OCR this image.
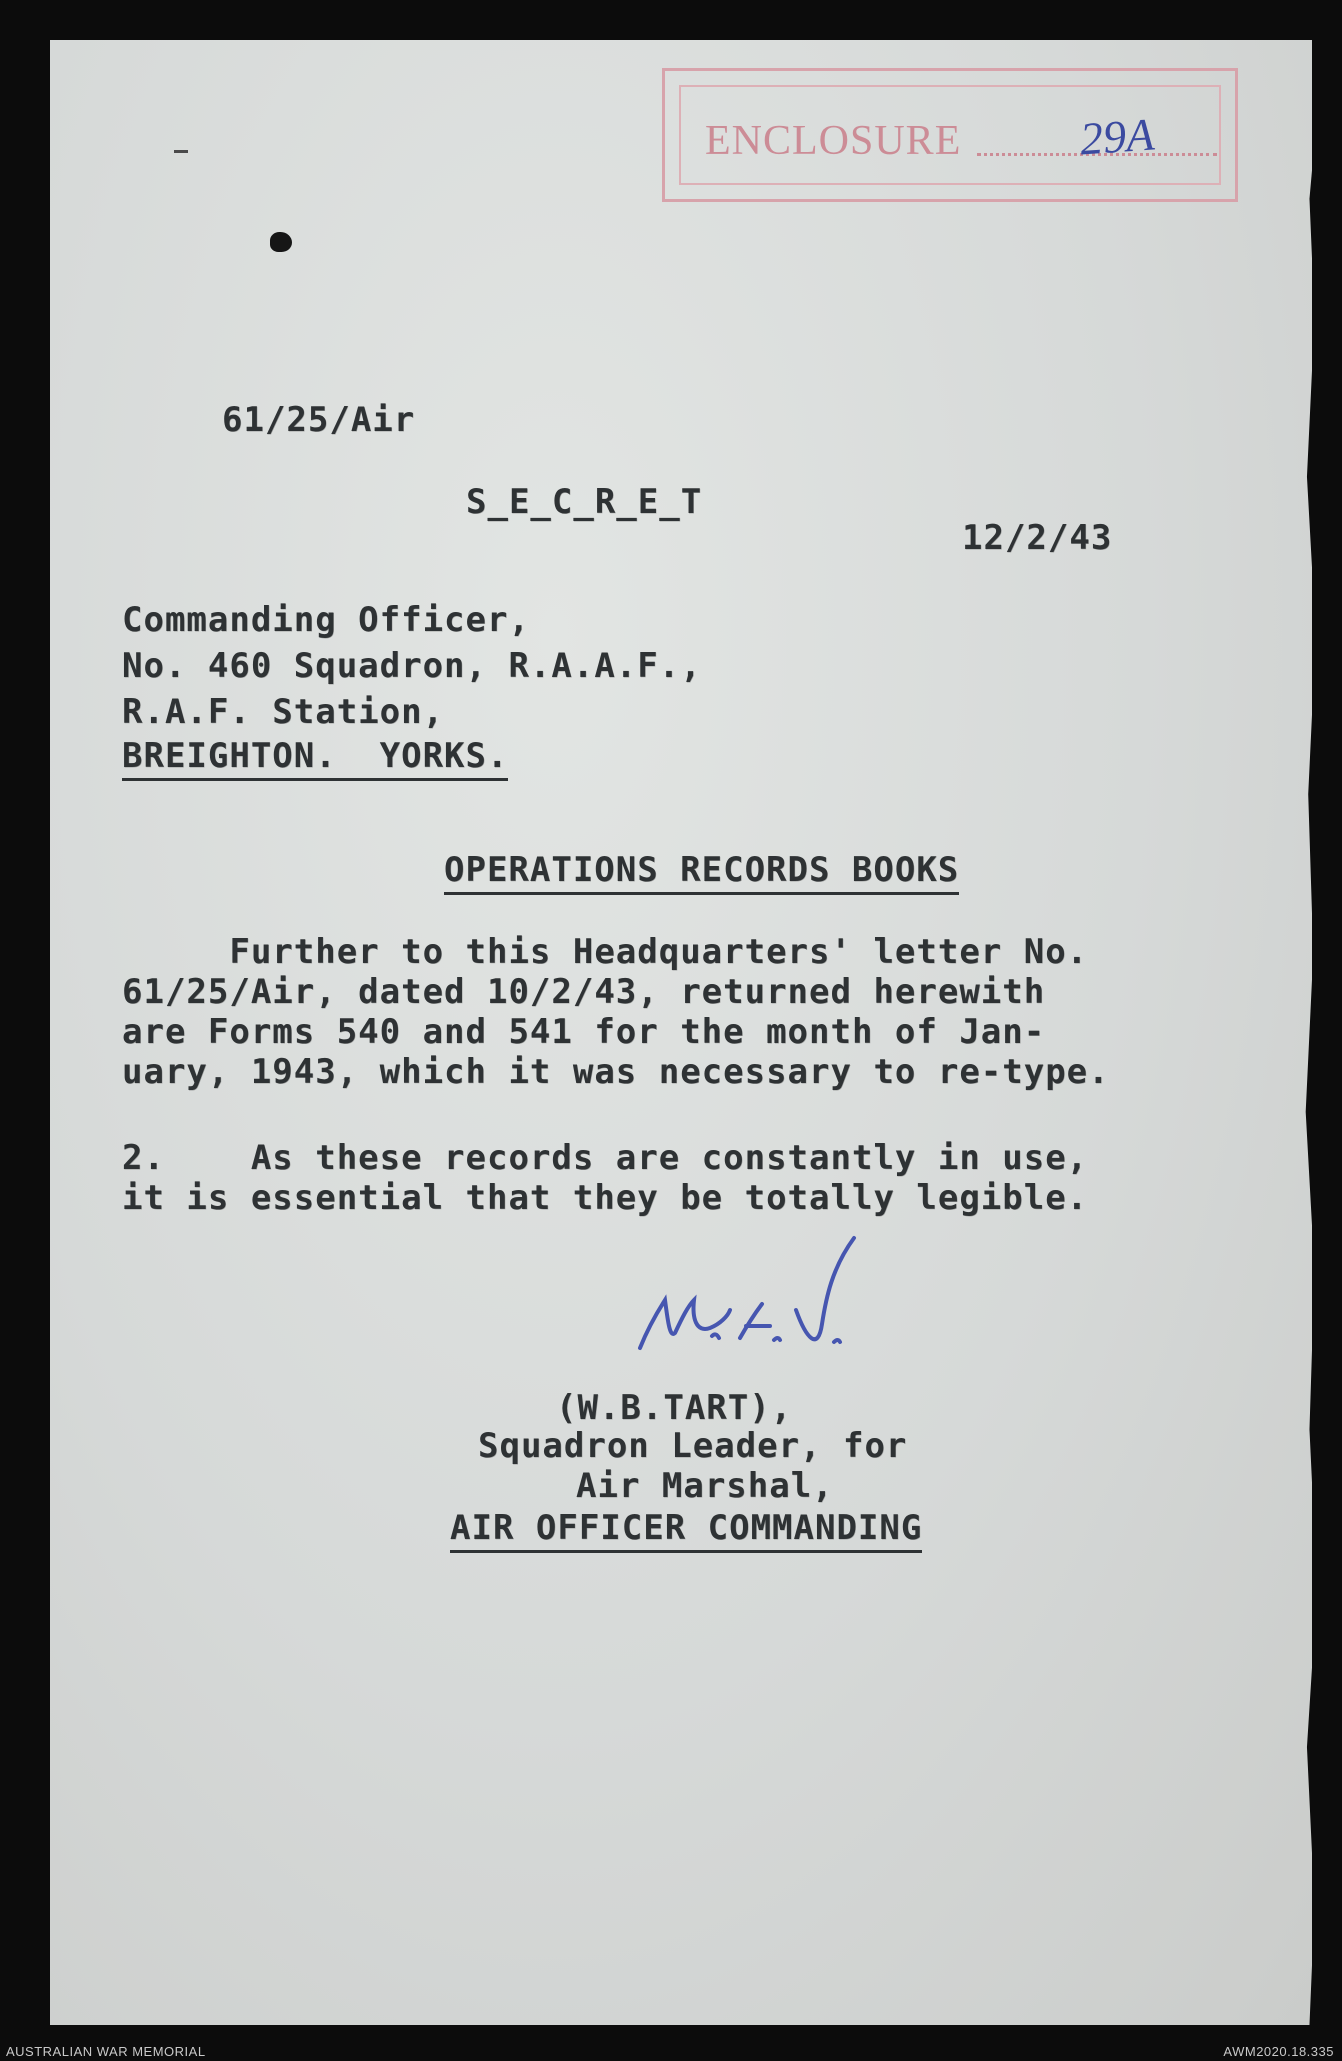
ENCLOSURE	29A
61/25/Air
S_E_C_R_E_T
12/2/43
Commanding Officer,
No. 460 Squadron, R.A.A.F.,
R.A.F. Station,
BREIGHTON.  YORKS.
OPERATIONS RECORDS BOOKS
Further to this Headquarters' letter No.
61/25/Air, dated 10/2/43, returned herewith
are Forms 540 and 541 for the month of Jan-
uary, 1943, which it was necessary to re-type.
2.    As these records are constantly in use,
it is essential that they be totally legible.
(W.B.TART),
Squadron Leader, for
Air Marshal,
AIR OFFICER COMMANDING
AUSTRALIAN WAR MEMORIAL	AWM2020.18.335
